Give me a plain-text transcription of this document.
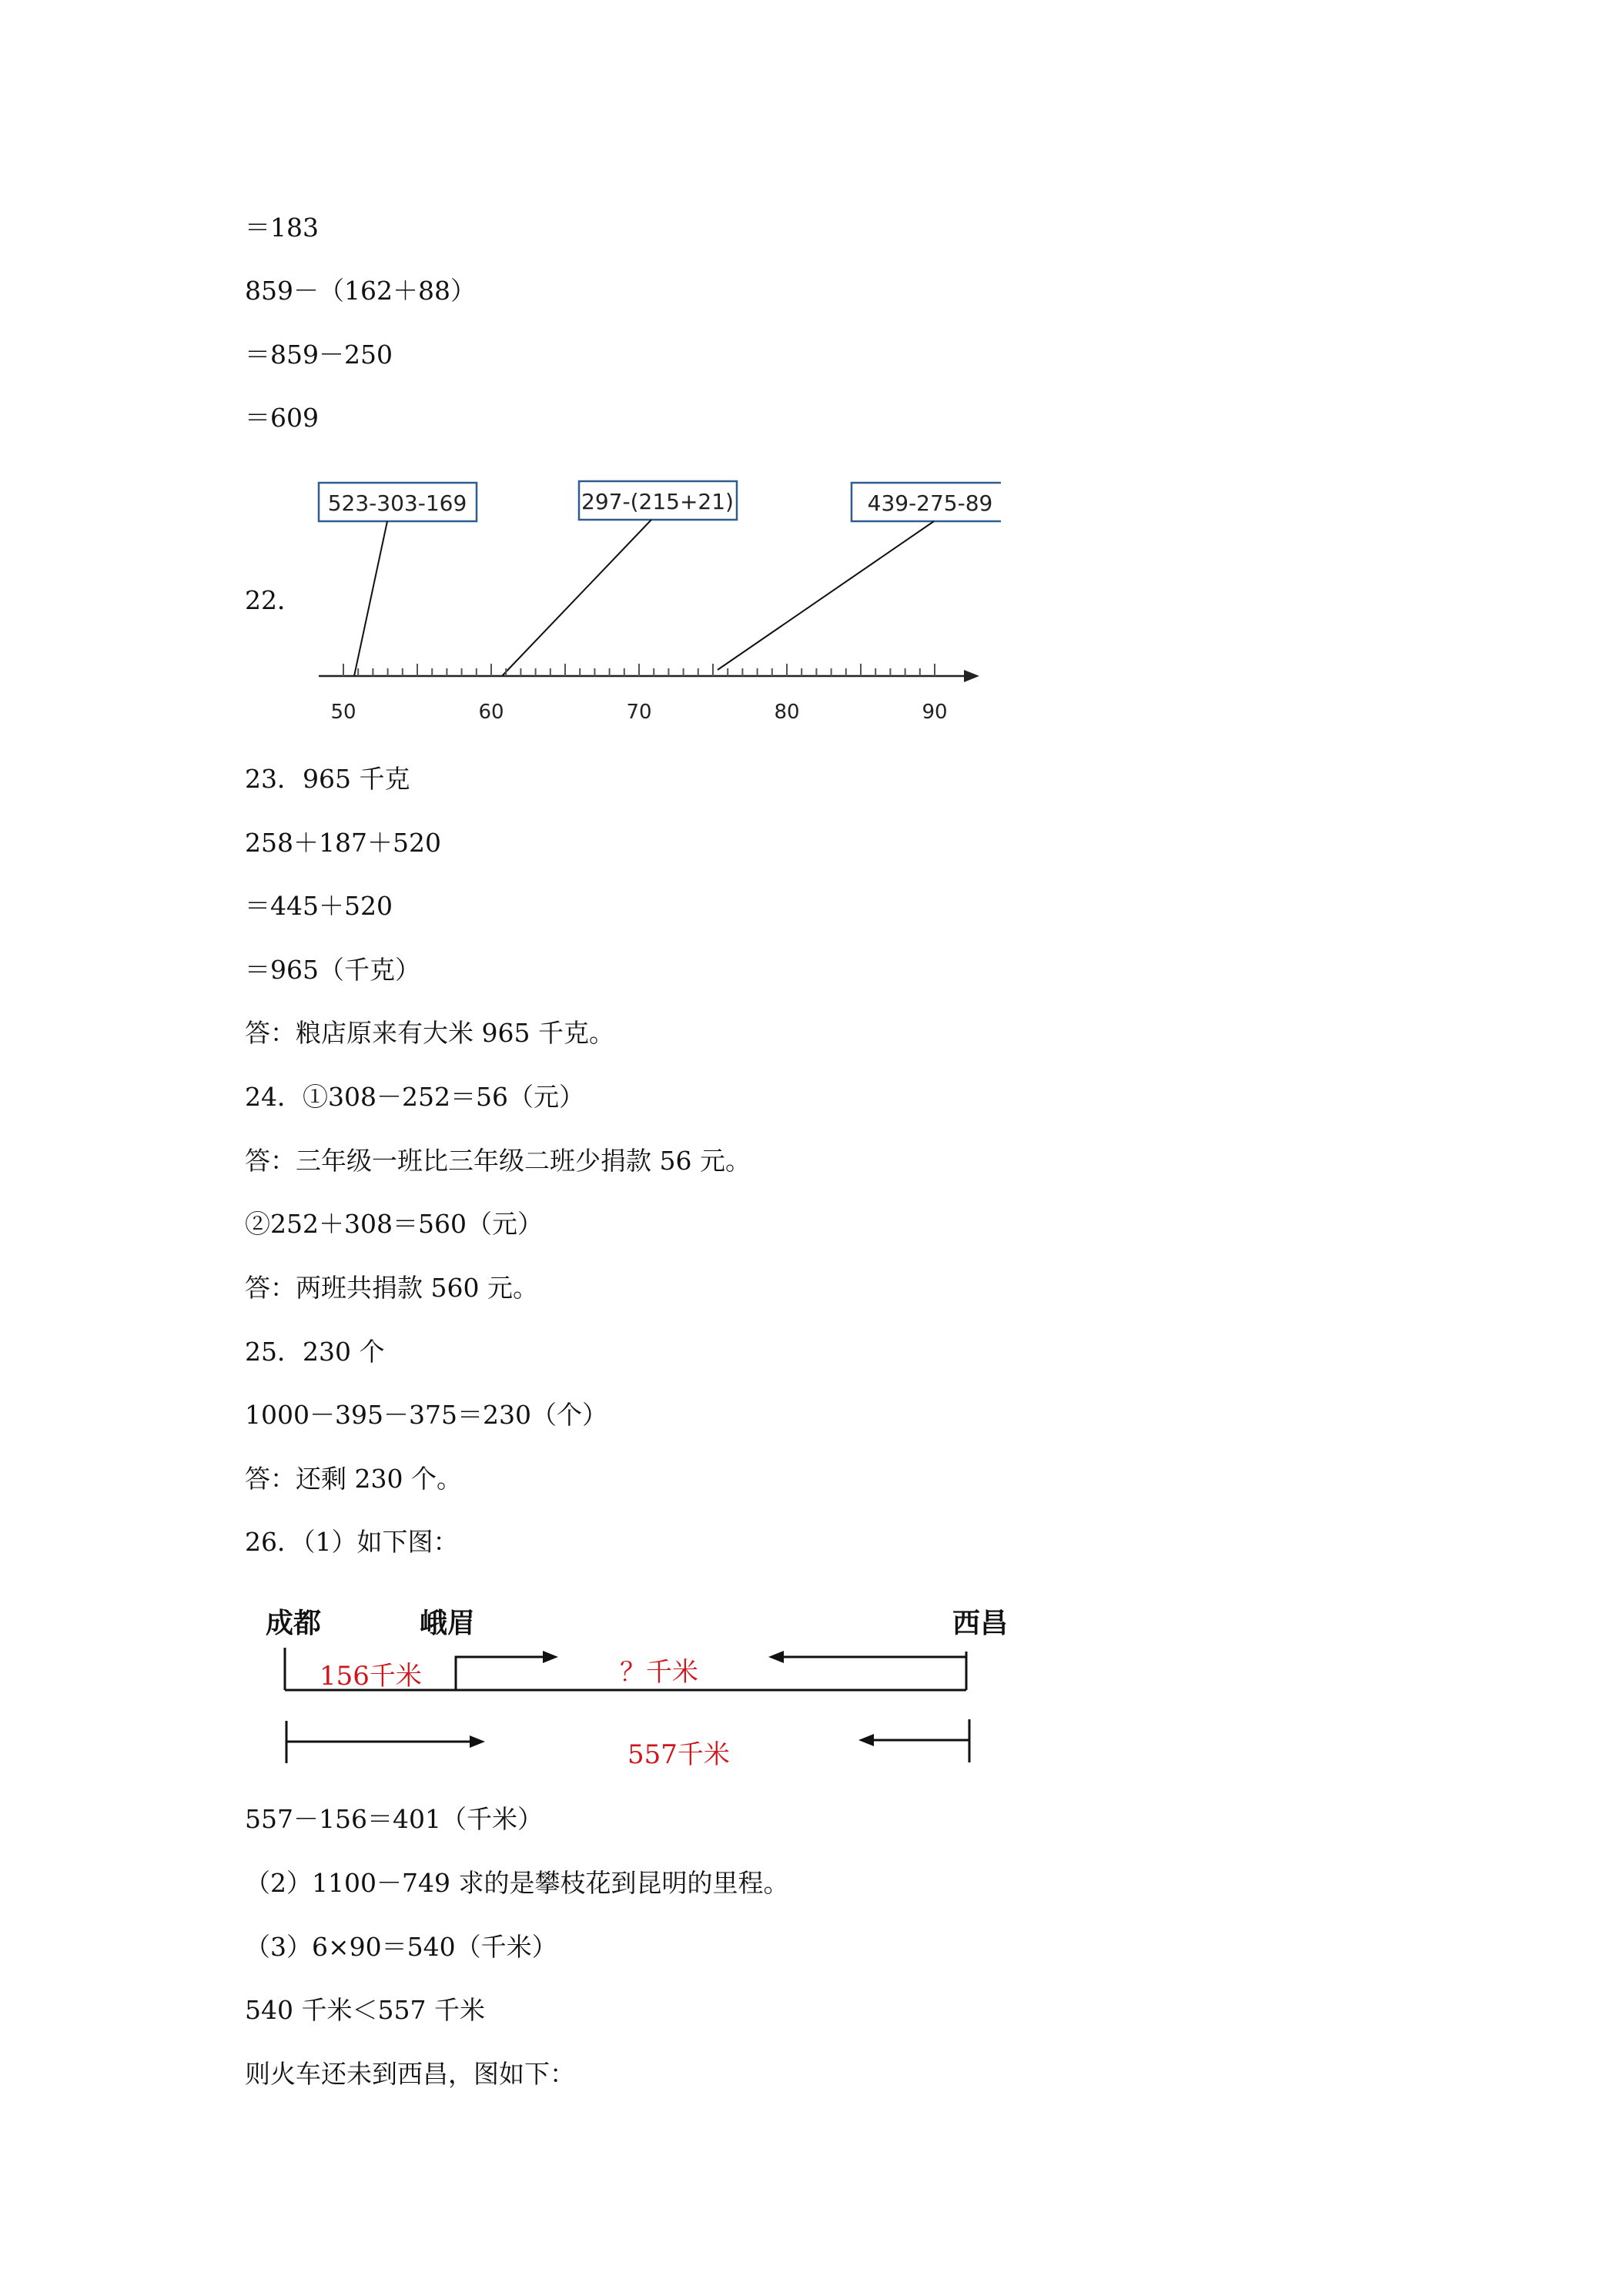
＝183
859－（162＋88）
＝859－250
＝609
22．
523-303-169	297-(215+21)	439-275-89
50	60	70	80	90
23．965 千克
258＋187＋520
＝445＋520
＝965（千克）
答：粮店原来有大米 965 千克。
24．①308－252＝56（元）
答：三年级一班比三年级二班少捐款 56 元。
②252＋308＝560（元）
答：两班共捐款 560 元。
25．230 个
1000－395－375＝230（个）
答：还剩 230 个。
26．（1）如下图：
成都	峨眉	西昌
156千米	？千米
557千米
557－156＝401（千米）
（2）1100－749 求的是攀枝花到昆明的里程。
（3）6×90＝540（千米）
540 千米＜557 千米
则火车还未到西昌，图如下：
